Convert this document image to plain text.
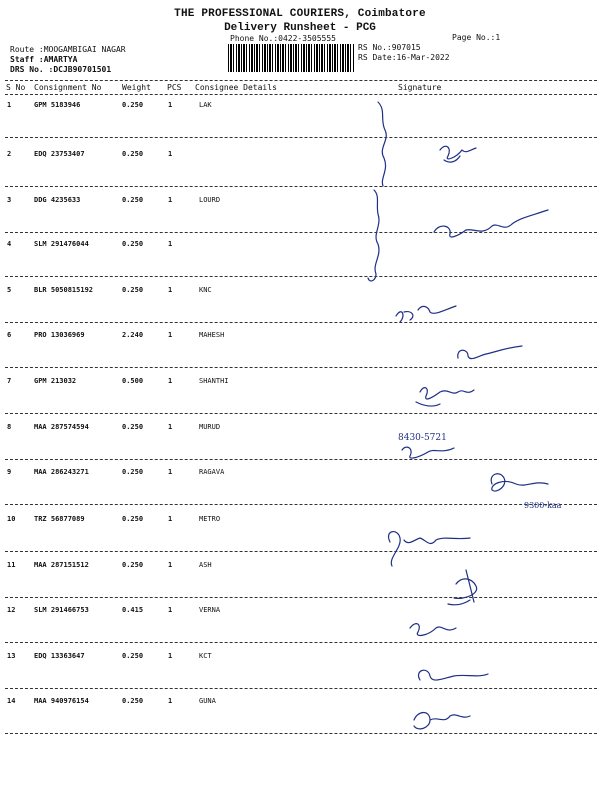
THE PROFESSIONAL COURIERS, Coimbatore
Delivery Runsheet - PCG
Phone No.:0422-3505555	Page No.:1
Route :MOOGAMBIGAI NAGAR
Staff :AMARTYA
DRS No. :DCJB90701501
RS No.:907015
RS Date:16-Mar-2022
S No Consignment No	Weight PCS Consignee Details	Signature
1	GPM 5183946	0.250	1	LAK
2	EDQ 23753407	0.250	1
3	DDG 4235633	0.250	1	LOURD
4	SLM 291476044	0.250	1
5	BLR 5050815192	0.250	1	KNC
6	PRO 13036969	2.240	1	MAHESH
7	GPM 213032	0.500	1	SHANTHI
8	MAA 287574594	0.250	1	MURUD
9	MAA 286243271	0.250	1	RAGAVA
10	TRZ 56877089	0.250	1	METRO
11	MAA 287151512	0.250	1	ASH
12	SLM 291466753	0.415	1	VERNA
13	EDQ 13363647	0.250	1	KCT
14	MAA 940976154	0.250	1	GUNA
8430-5721
9300-kaa
